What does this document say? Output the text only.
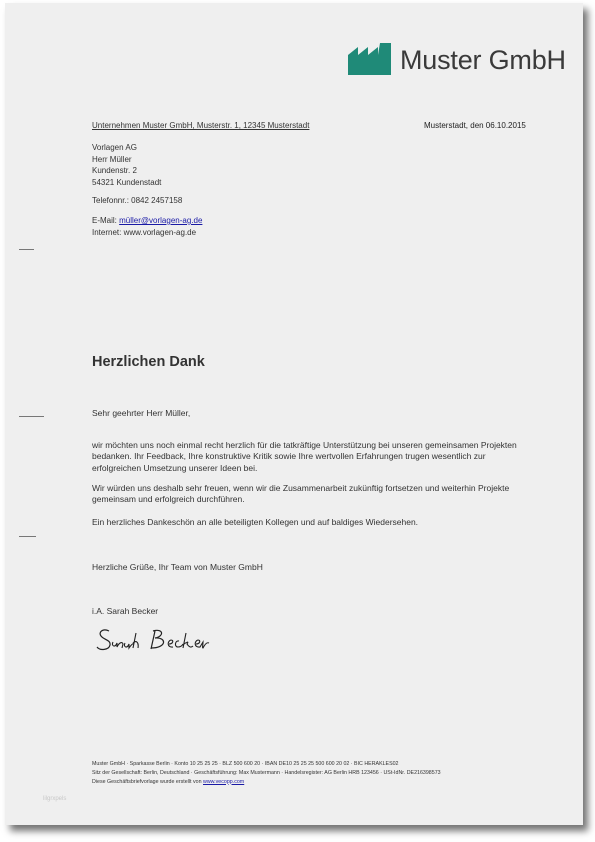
Muster GmbH
Unternehmen Muster GmbH, Musterstr. 1, 12345 Musterstadt	Musterstadt, den 06.10.2015
Vorlagen AG
Herr Müller
Kundenstr. 2
54321 Kundenstadt
Telefonnr.: 0842 2457158
E-Mail: müller@vorlagen-ag.de
Internet: www.vorlagen-ag.de
Herzlichen Dank
Sehr geehrter Herr Müller,
wir möchten uns noch einmal recht herzlich für die tatkräftige Unterstützung bei unseren gemeinsamen Projekten bedanken. Ihr Feedback, Ihre konstruktive Kritik sowie Ihre wertvollen Erfahrungen trugen wesentlich zur erfolgreichen Umsetzung unserer Ideen bei.
Wir würden uns deshalb sehr freuen, wenn wir die Zusammenarbeit zukünftig fortsetzen und weiterhin Projekte gemeinsam und erfolgreich durchführen.
Ein herzliches Dankeschön an alle beteiligten Kollegen und auf baldiges Wiedersehen.
Herzliche Grüße, Ihr Team von Muster GmbH
i.A. Sarah Becker
Muster GmbH · Sparkasse Berlin · Konto 10 25 25 25 · BLZ 500 600 20 · IBAN DE10 25 25 25 500 600 20 02 · BIC HERAKLES02
Sitz der Gesellschaft: Berlin, Deutschland · Geschäftsführung: Max Mustermann · Handelsregister: AG Berlin HRB 123456 · USt-IdNr. DE216398573
Diese Geschäftsbriefvorlage wurde erstellt von www.vecopp.com
lilgrxpels
